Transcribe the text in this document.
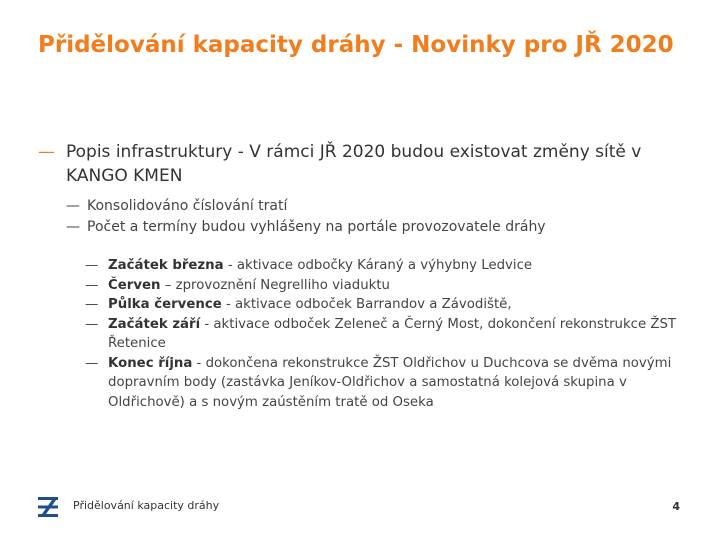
Přidělování kapacity dráhy - Novinky pro JŘ 2020
— Popis infrastruktury - V rámci JŘ 2020 budou existovat změny sítě v KANGO KMEN
— Konsolidováno číslování tratí
— Počet a termíny budou vyhlášeny na portále provozovatele dráhy
— Začátek března - aktivace odbočky Káraný a výhybny Ledvice
— Červen – zprovoznění Negrelliho viaduktu
— Půlka července - aktivace odboček Barrandov a Závodiště,
— Začátek září - aktivace odboček Zeleneč a Černý Most, dokončení rekonstrukce ŽST Řetenice
— Konec října - dokončena rekonstrukce ŽST Oldřichov u Duchcova se dvěma novými dopravním body (zastávka Jeníkov-Oldřichov a samostatná kolejová skupina v Oldřichově) a s novým zaústěním tratě od Oseka
Přidělování kapacity dráhy	4
